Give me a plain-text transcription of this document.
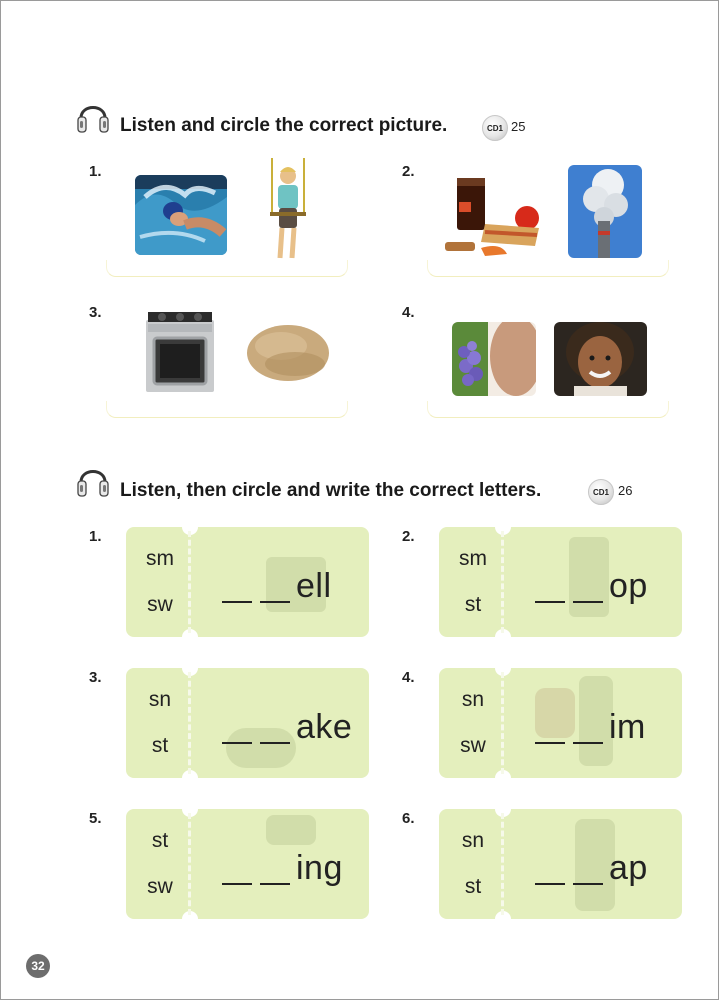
Listen and circle the correct picture.	CD1 25
1.	2.
3.	4.
Listen, then circle and write the correct letters.	CD1 26
1.
sm
sw	ell
2.
sm
st	op
3.
sn
st	ake
4.
sn
sw	im
5.
st
sw	ing
6.
sn
st	ap
32
